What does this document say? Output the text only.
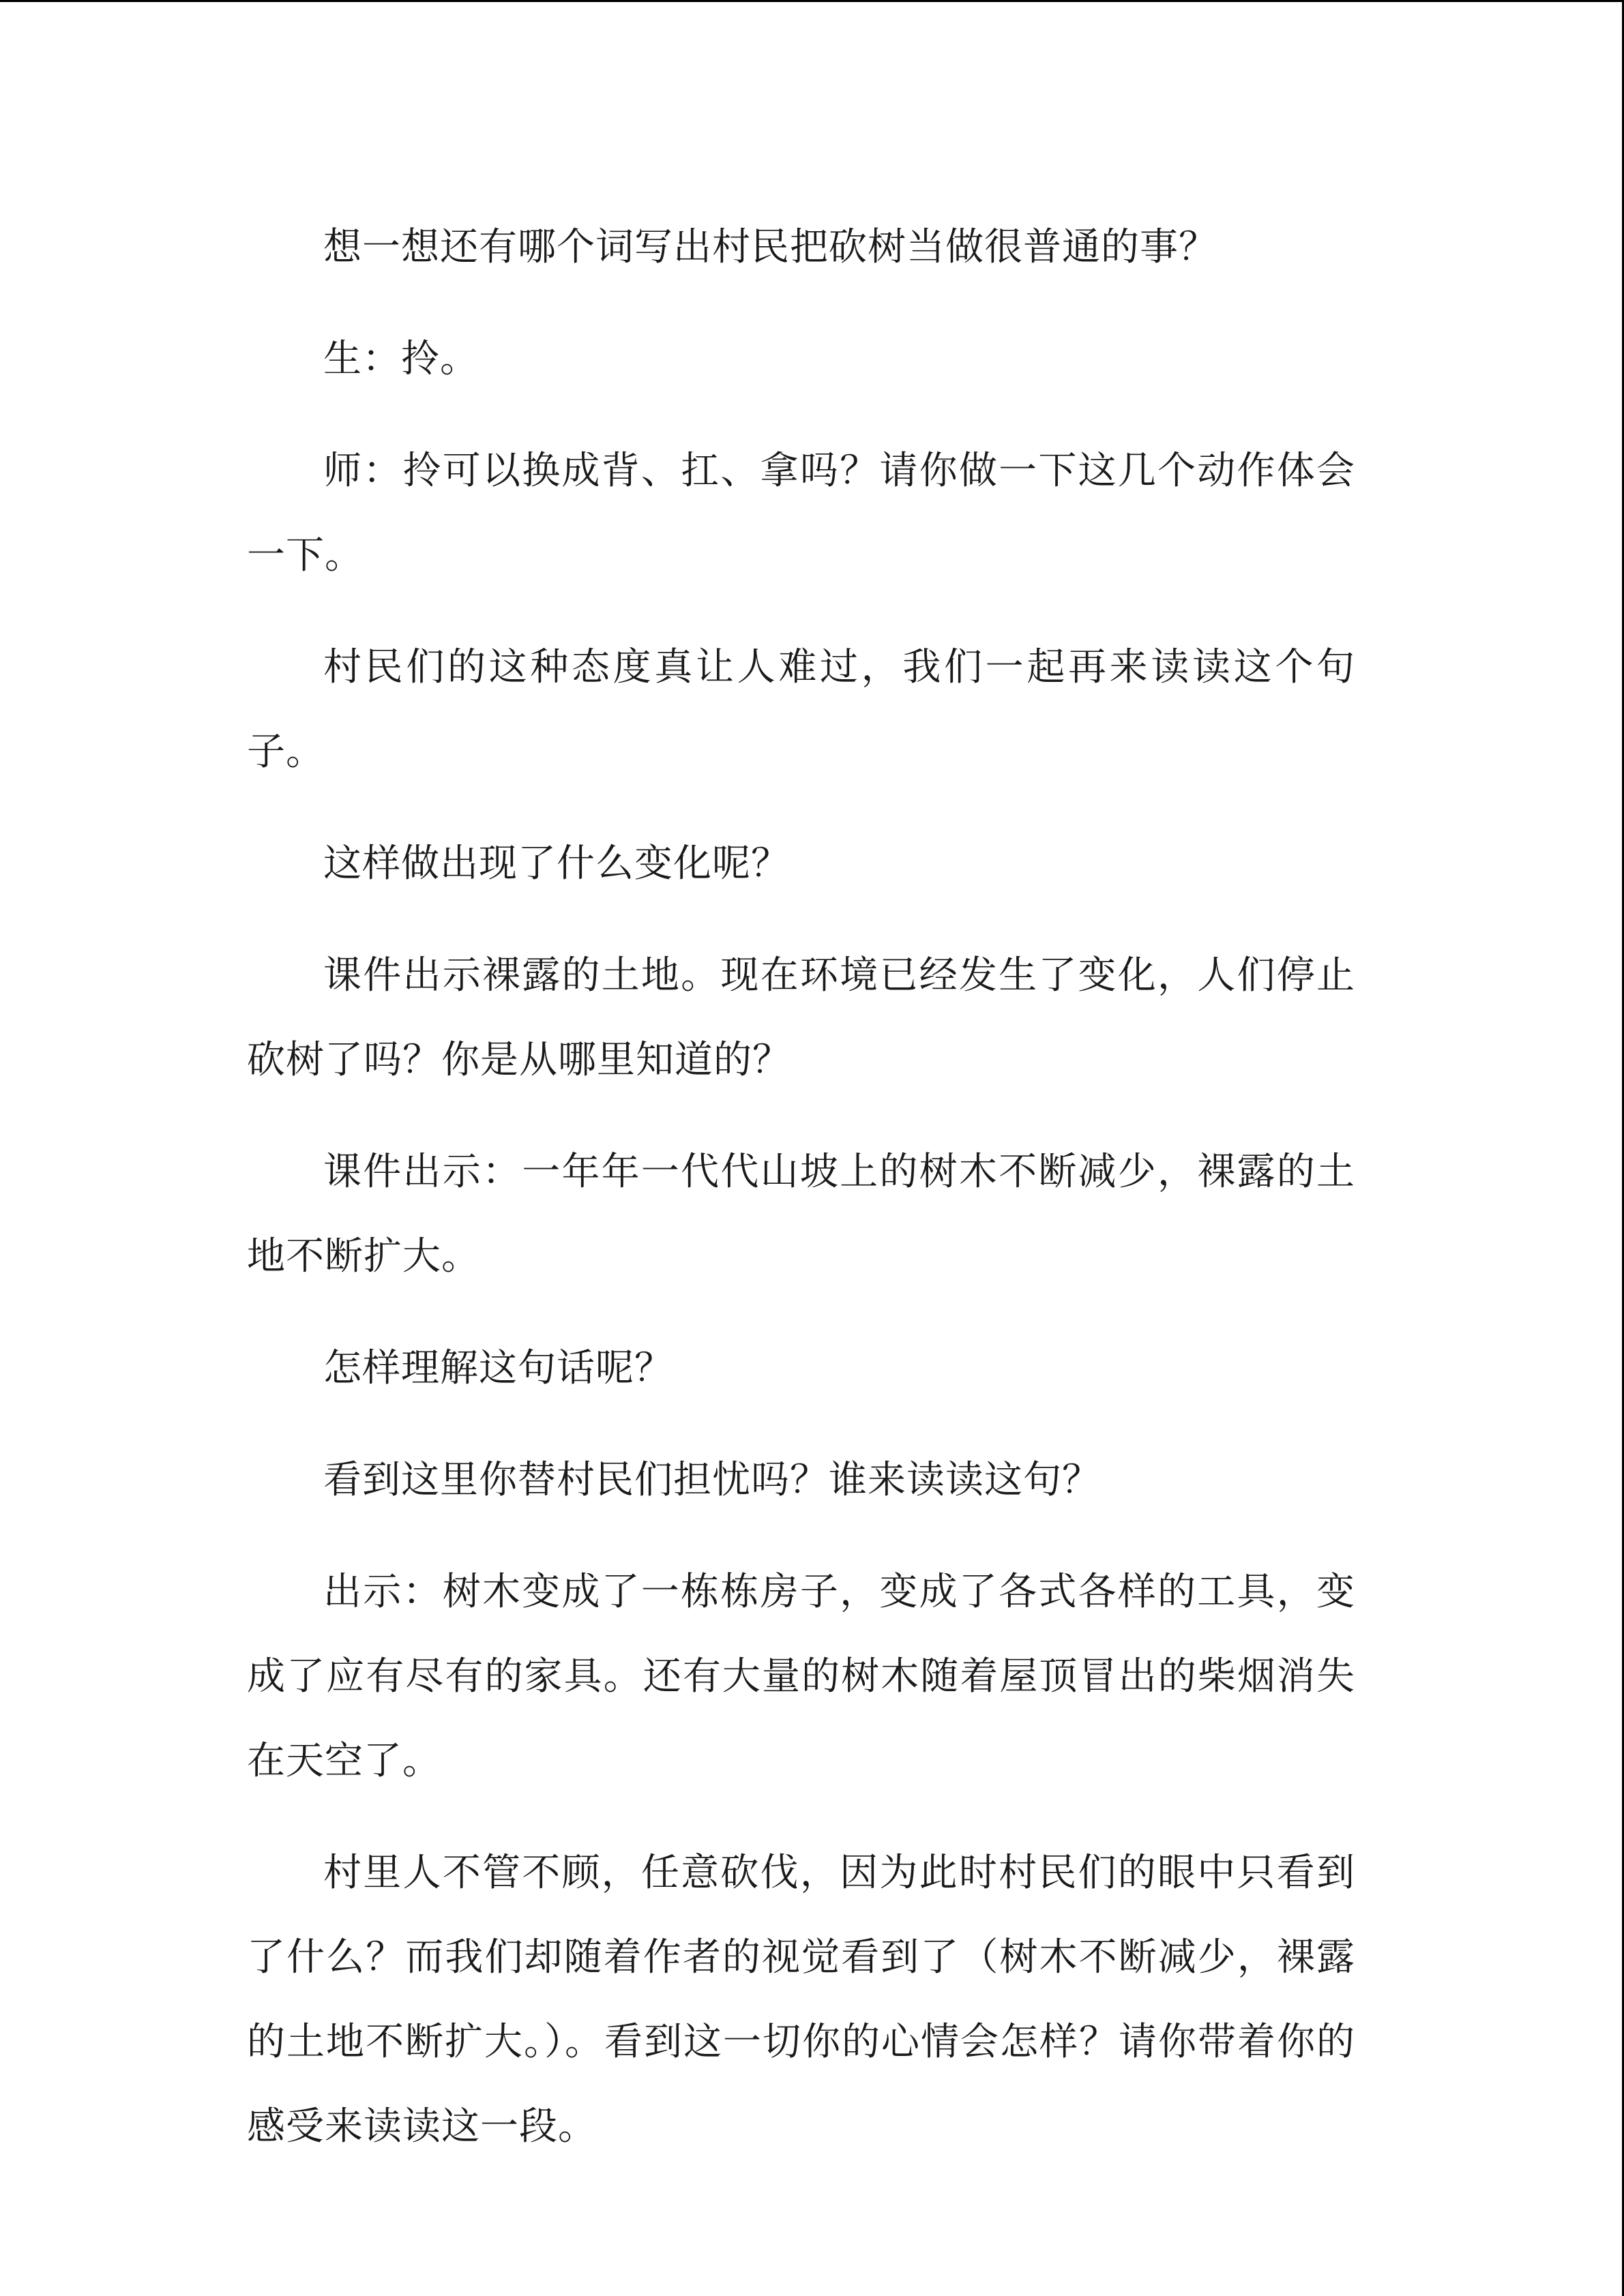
想一想还有哪个词写出村民把砍树当做很普通的事？

生：拎。

师：拎可以换成背、扛、拿吗？请你做一下这几个动作体会一下。

村民们的这种态度真让人难过，我们一起再来读读这个句子。

这样做出现了什么变化呢？

课件出示裸露的土地。现在环境已经发生了变化，人们停止砍树了吗？你是从哪里知道的？

课件出示：一年年一代代山坡上的树木不断减少，裸露的土地不断扩大。

怎样理解这句话呢？

看到这里你替村民们担忧吗？谁来读读这句？

出示：树木变成了一栋栋房子，变成了各式各样的工具，变成了应有尽有的家具。还有大量的树木随着屋顶冒出的柴烟消失在天空了。

村里人不管不顾，任意砍伐，因为此时村民们的眼中只看到了什么？而我们却随着作者的视觉看到了（树木不断减少，裸露的土地不断扩大。）。看到这一切你的心情会怎样？请你带着你的感受来读读这一段。
